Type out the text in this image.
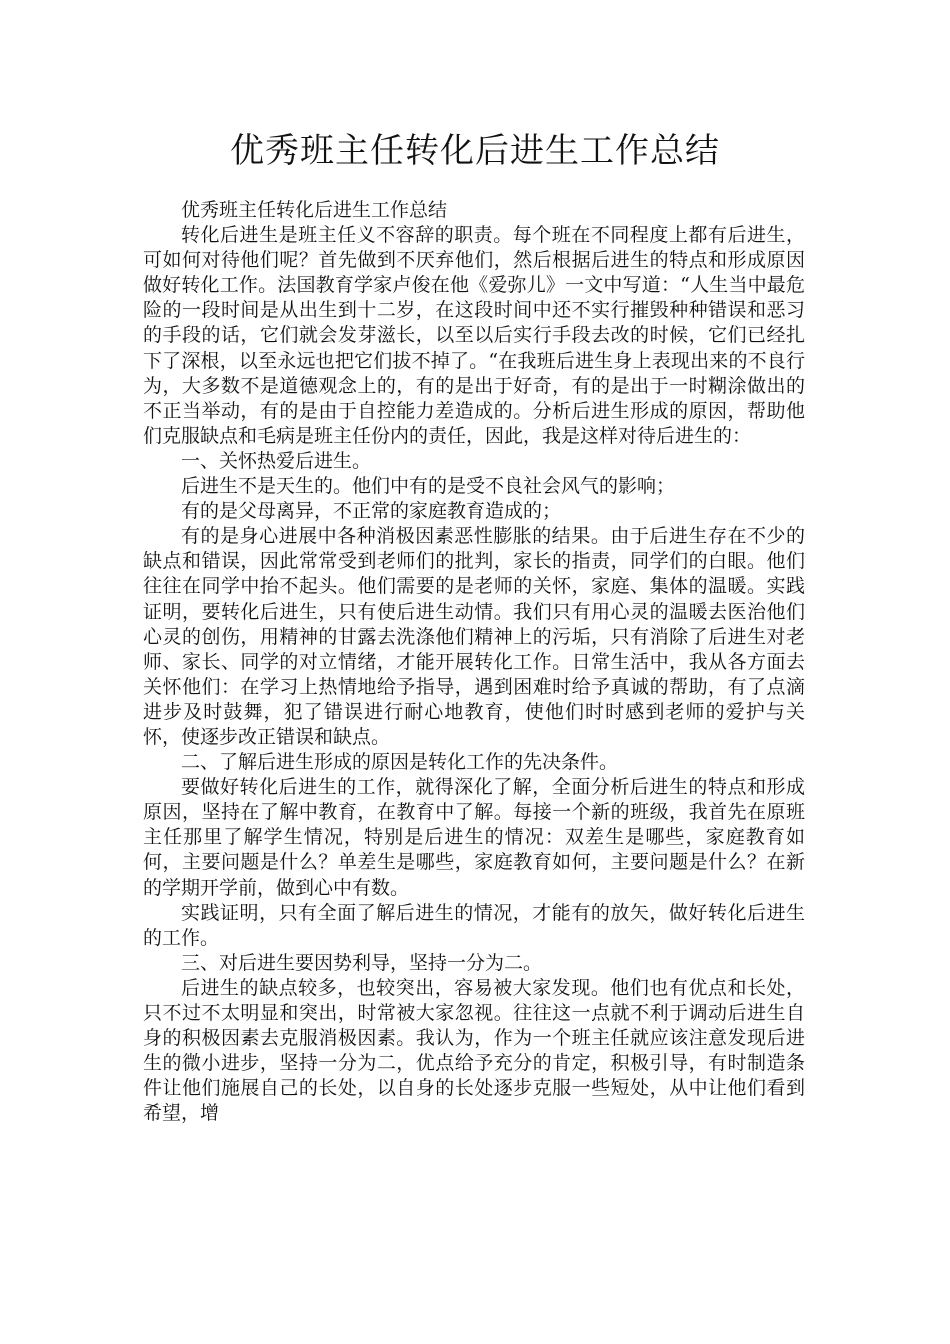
优秀班主任转化后进生工作总结

优秀班主任转化后进生工作总结

转化后进生是班主任义不容辞的职责。每个班在不同程度上都有后进生，可如何对待他们呢？首先做到不厌弃他们，然后根据后进生的特点和形成原因做好转化工作。法国教育学家卢俊在他《爱弥儿》一文中写道：“人生当中最危险的一段时间是从出生到十二岁，在这段时间中还不实行摧毁种种错误和恶习的手段的话，它们就会发芽滋长，以至以后实行手段去改的时候，它们已经扎下了深根，以至永远也把它们拔不掉了。“在我班后进生身上表现出来的不良行为，大多数不是道德观念上的，有的是出于好奇，有的是出于一时糊涂做出的不正当举动，有的是由于自控能力差造成的。分析后进生形成的原因，帮助他们克服缺点和毛病是班主任份内的责任，因此，我是这样对待后进生的：

一、关怀热爱后进生。

后进生不是天生的。他们中有的是受不良社会风气的影响；

有的是父母离异，不正常的家庭教育造成的；

有的是身心进展中各种消极因素恶性膨胀的结果。由于后进生存在不少的缺点和错误，因此常常受到老师们的批判，家长的指责，同学们的白眼。他们往往在同学中抬不起头。他们需要的是老师的关怀，家庭、集体的温暖。实践证明，要转化后进生，只有使后进生动情。我们只有用心灵的温暖去医治他们心灵的创伤，用精神的甘露去洗涤他们精神上的污垢，只有消除了后进生对老师、家长、同学的对立情绪，才能开展转化工作。日常生活中，我从各方面去关怀他们：在学习上热情地给予指导，遇到困难时给予真诚的帮助，有了点滴进步及时鼓舞，犯了错误进行耐心地教育，使他们时时感到老师的爱护与关怀，使逐步改正错误和缺点。

二、了解后进生形成的原因是转化工作的先决条件。

要做好转化后进生的工作，就得深化了解，全面分析后进生的特点和形成原因，坚持在了解中教育，在教育中了解。每接一个新的班级，我首先在原班主任那里了解学生情况，特别是后进生的情况：双差生是哪些，家庭教育如何，主要问题是什么？单差生是哪些，家庭教育如何，主要问题是什么？在新的学期开学前，做到心中有数。

实践证明，只有全面了解后进生的情况，才能有的放矢，做好转化后进生的工作。

三、对后进生要因势利导，坚持一分为二。

后进生的缺点较多，也较突出，容易被大家发现。他们也有优点和长处，只不过不太明显和突出，时常被大家忽视。往往这一点就不利于调动后进生自身的积极因素去克服消极因素。我认为，作为一个班主任就应该注意发现后进生的微小进步，坚持一分为二，优点给予充分的肯定，积极引导，有时制造条件让他们施展自己的长处，以自身的长处逐步克服一些短处，从中让他们看到希望，增
